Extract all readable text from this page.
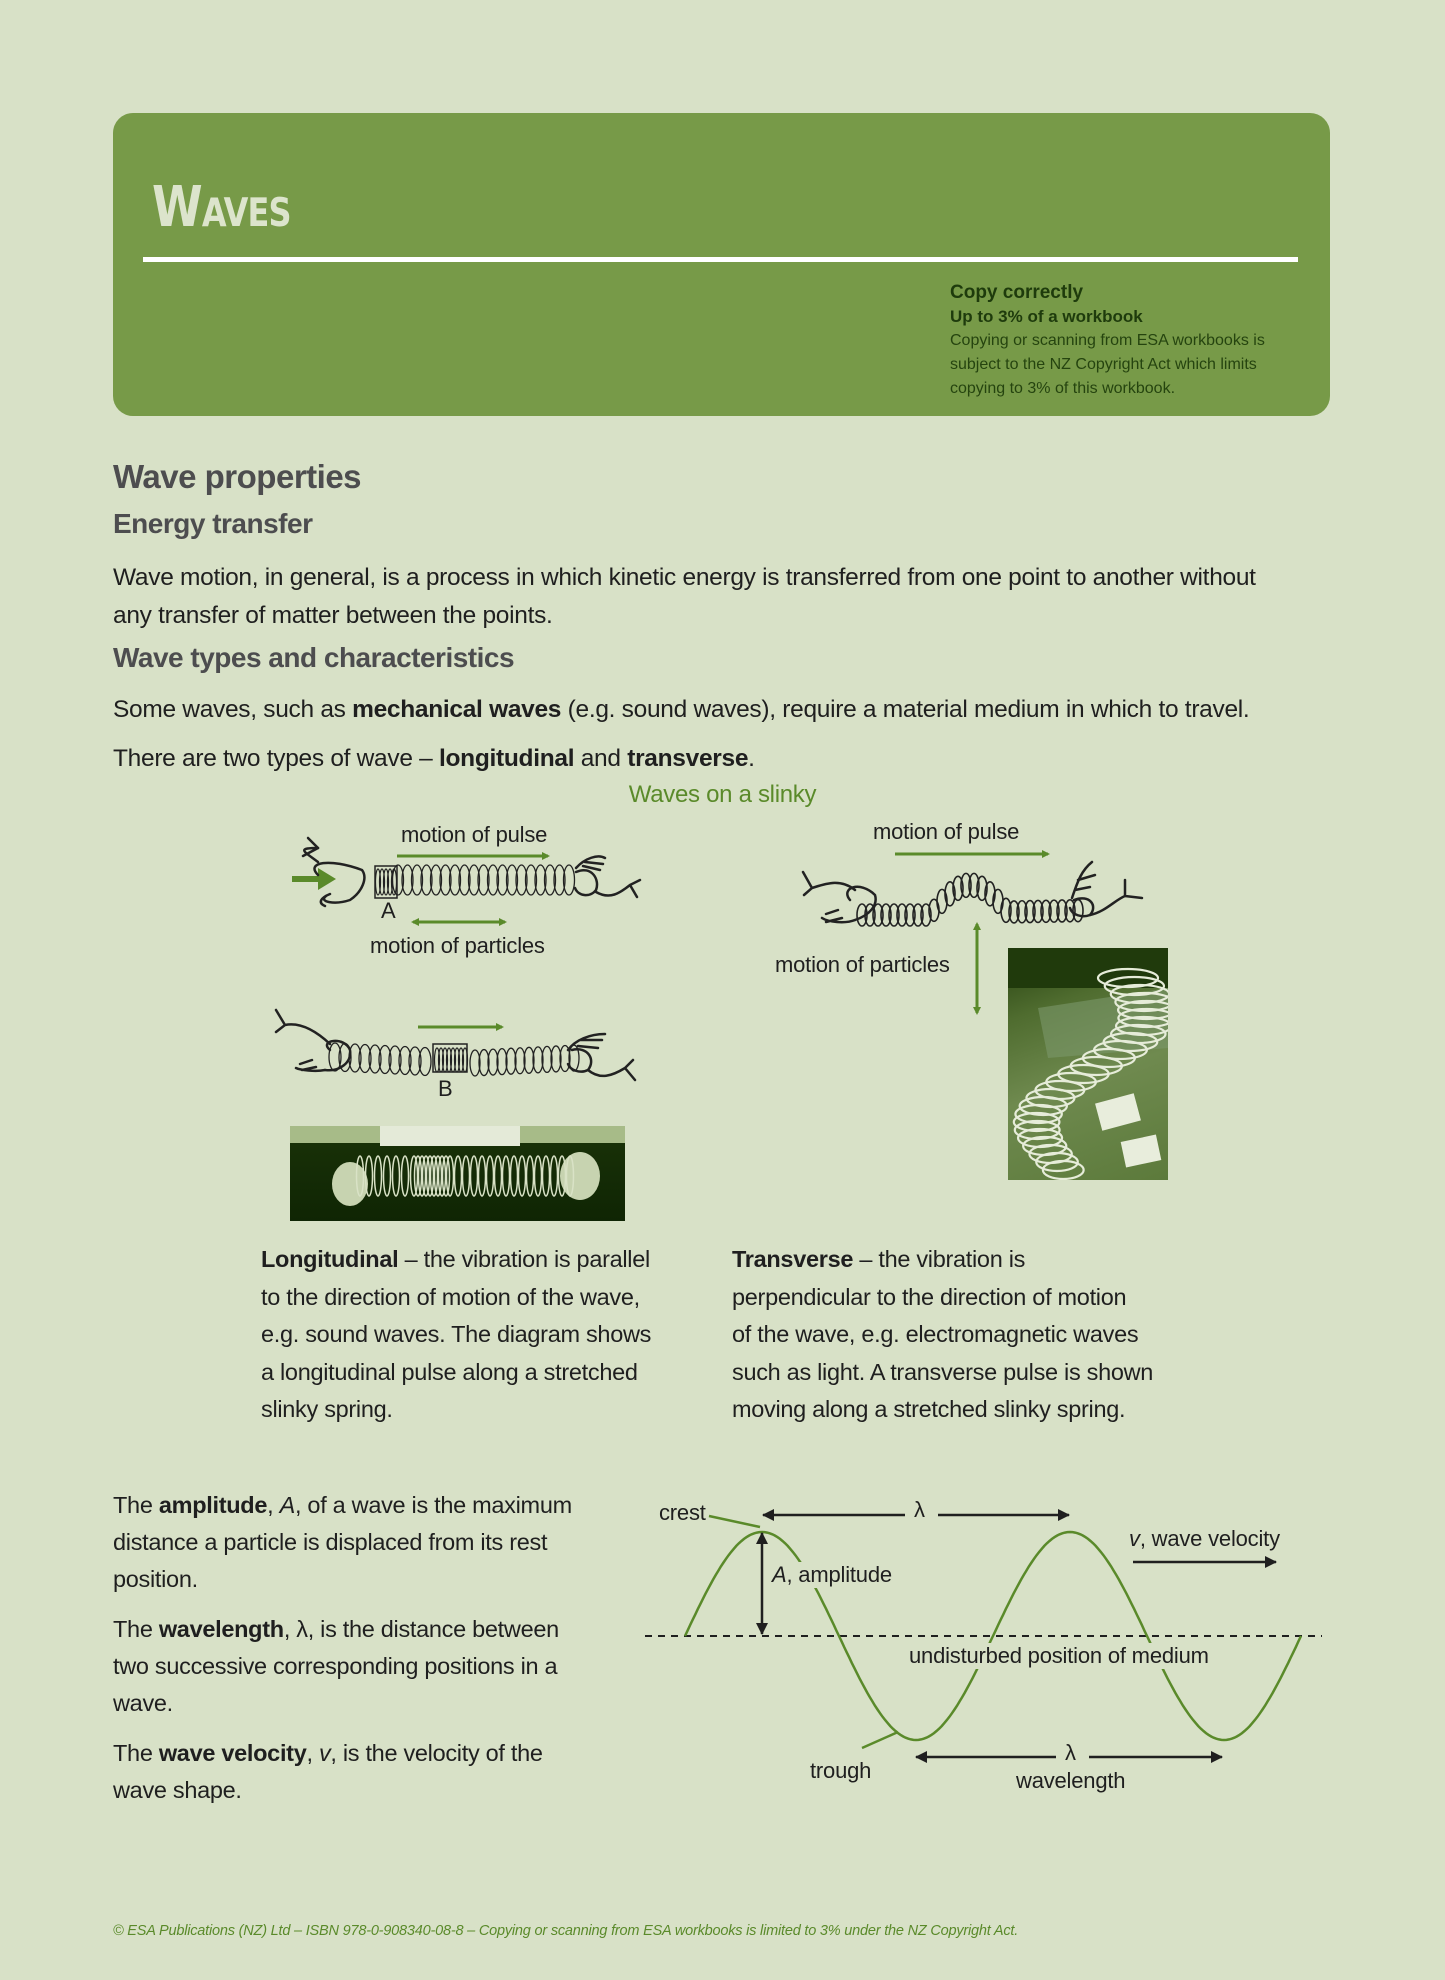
Waves
Copy correctly
Up to 3% of a workbook
Copying or scanning from ESA workbooks is
subject to the NZ Copyright Act which limits
copying to 3% of this workbook.
Wave properties
Energy transfer
Wave motion, in general, is a process in which kinetic energy is transferred from one point to another without
any transfer of matter between the points.
Wave types and characteristics
Some waves, such as mechanical waves (e.g. sound waves), require a material medium in which to travel.
There are two types of wave – longitudinal and transverse.
Waves on a slinky
motion of pulse
A
motion of particles
B
motion of pulse
motion of particles
Longitudinal – the vibration is parallel
to the direction of motion of the wave,
e.g. sound waves. The diagram shows
a longitudinal pulse along a stretched
slinky spring.
Transverse – the vibration is
perpendicular to the direction of motion
of the wave, e.g. electromagnetic waves
such as light. A transverse pulse is shown
moving along a stretched slinky spring.
The amplitude, A, of a wave is the maximum
distance a particle is displaced from its rest
position.
The wavelength, λ, is the distance between
two successive corresponding positions in a
wave.
The wave velocity, v, is the velocity of the
wave shape.
crest	λ
A, amplitude
v, wave velocity
undisturbed position of medium
trough
λ
wavelength
© ESA Publications (NZ) Ltd – ISBN 978-0-908340-08-8 – Copying or scanning from ESA workbooks is limited to 3% under the NZ Copyright Act.
